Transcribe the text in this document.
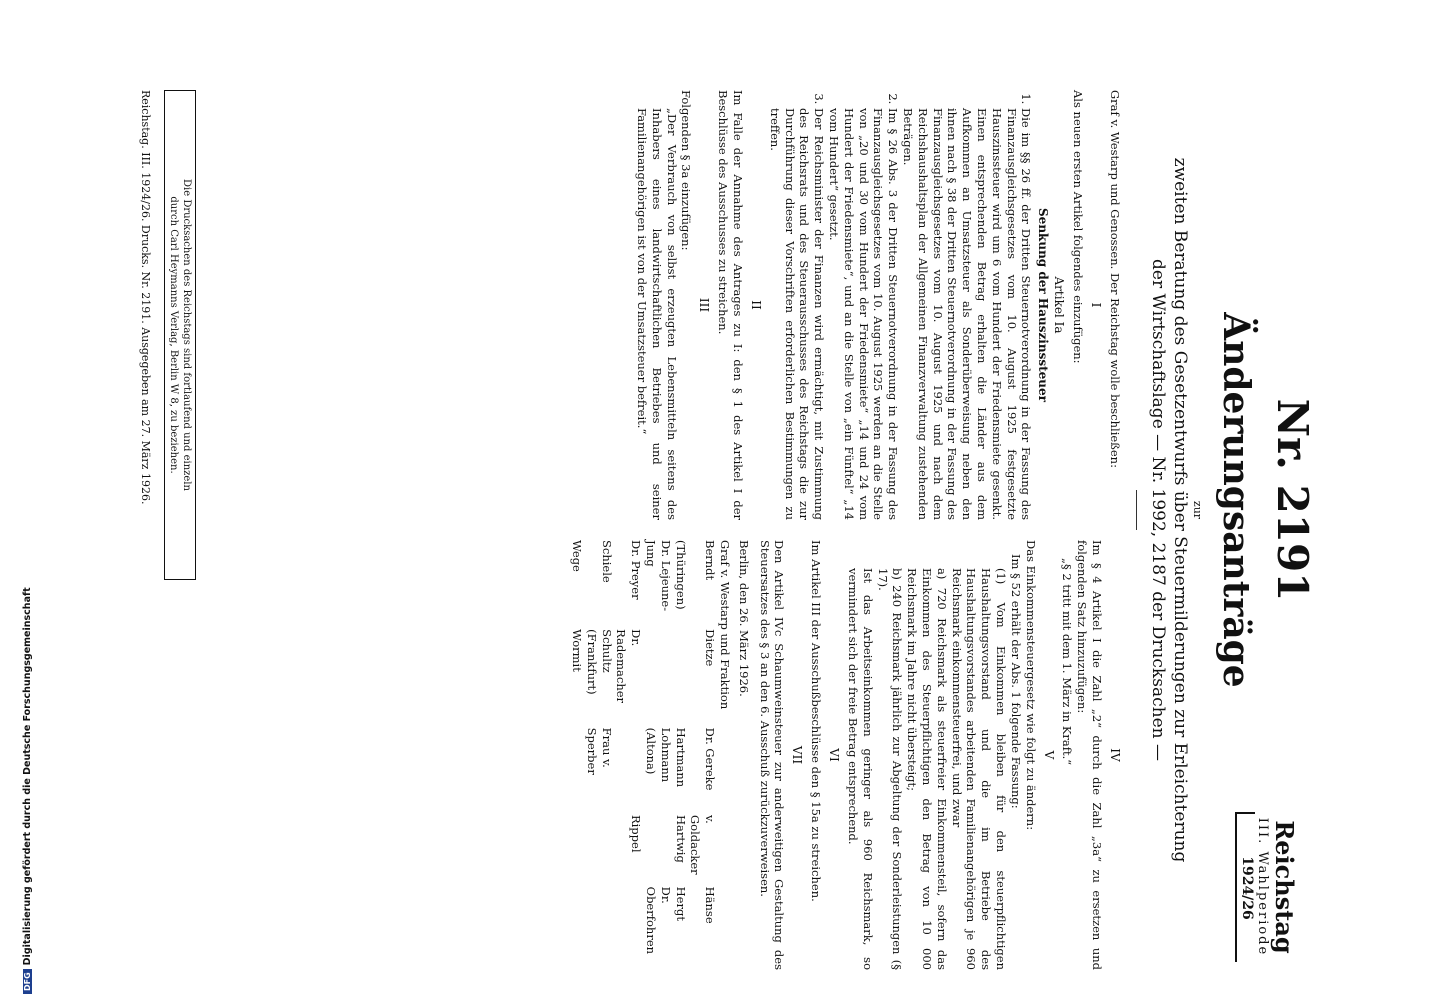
Reichstag
III. Wahlperiode
1924/26
Nr. 2191
Änderungsanträge
zur
zweiten Beratung des Gesetzentwurfs über Steuermilderungen zur Erleichterung
der Wirtschaftslage — Nr. 1992, 2187 der Drucksachen —

Graf v. Westarp und Genossen. Der Reichstag wolle beschließen:

I

Als neuen ersten Artikel folgendes einzufügen:

Artikel Ia
Senkung der Hauszinssteuer
1. Die im §§ 26 ff. der Dritten Steuernotverordnung in der Fassung des Finanzausgleichsgesetzes vom 10. August 1925 festgesetzte Hauszinssteuer wird um 6 vom Hundert der Friedensmiete gesenkt. Einen entsprechenden Betrag erhalten die Länder aus dem Aufkommen an Umsatzsteuer als Sonderüberweisung neben den ihnen nach § 38 der Dritten Steuernotverordnung in der Fassung des Finanzausgleichsgesetzes vom 10. August 1925 und nach dem Reichshaushaltsplan der Allgemeinen Finanzverwaltung zustehenden Beträgen.
2. Im § 26 Abs. 3 der Dritten Steuernotverordnung in der Fassung des Finanzausgleichsgesetzes vom 10. August 1925 werden an die Stelle von „20 und 30 vom Hundert der Friedensmiete“ „14 und 24 vom Hundert der Friedensmiete“, und an die Stelle von „ein Fünftel“ „14 vom Hundert“ gesetzt.
3. Der Reichsminister der Finanzen wird ermächtigt, mit Zustimmung des Reichsrats und des Steuerausschusses des Reichstags die zur Durchführung dieser Vorschriften erforderlichen Bestimmungen zu treffen.
II

Im Falle der Annahme des Antrages zu I: den § 1 des Artikel I der Beschlüsse des Ausschusses zu streichen.

III

Folgenden § 3a einzufügen:

„Der Verbrauch von selbst erzeugten Lebensmitteln seitens des Inhabers eines landwirtschaftlichen Betriebes und seiner Familienangehörigen ist von der Umsatzsteuer befreit.“

IV

Im § 4 Artikel I die Zahl „2“ durch die Zahl „3a“ zu ersetzen und folgenden Satz hinzuzufügen:

„§ 2 tritt mit dem 1. März in Kraft.“

V

Das Einkommensteuergesetz wie folgt zu ändern:

Im § 52 erhält der Abs. 1 folgende Fassung:

(1) Vom Einkommen bleiben für den steuerpflichtigen Haushaltungsvorstand und die im Betriebe des Haushaltungsvorstandes arbeitenden Familienangehörigen je 960 Reichsmark einkommensteuerfrei, und zwar

a) 720 Reichsmark als steuerfreier Einkommensteil, sofern das Einkommen des Steuerpflichtigen den Betrag von 10 000 Reichsmark im Jahre nicht übersteigt;

b) 240 Reichsmark jährlich zur Abgeltung der Sonderleistungen (§ 17).

Ist das Arbeitseinkommen geringer als 960 Reichsmark, so vermindert sich der freie Betrag entsprechend.

VI

Im Artikel III der Ausschußbeschlüsse den § 15a zu streichen.

VII

Den Artikel IVc Schaumweinsteuer zur anderweitigen Gestaltung des Steuersatzes des § 3 an den 6. Ausschuß zurückzuverweisen.

Berlin, den 26. März 1926.

Graf v. Westarp und Fraktion
Berndt	Dietze	Dr. Gereke	v. Goldacker	Hänse
(Thüringen)		Hartmann	Hartwig	Hergt
Dr. Lejeune-Jung		Lohmann (Altona)		Dr. Oberfohren
Dr. Preyer	Dr. Rademacher		Rippel	
Schiele	Schultz (Frankfurt)	Frau v. Sperber		
Wege	Wormit			
Die Drucksachen des Reichstags sind fortlaufend und einzeln
durch Carl Heymanns Verlag, Berlin W 8, zu beziehen.
Reichstag. III. 1924/26. Drucks. Nr. 2191. Ausgegeben am 27. März 1926.
DFGDigitalisierung gefördert durch die Deutsche Forschungsgemeinschaft
